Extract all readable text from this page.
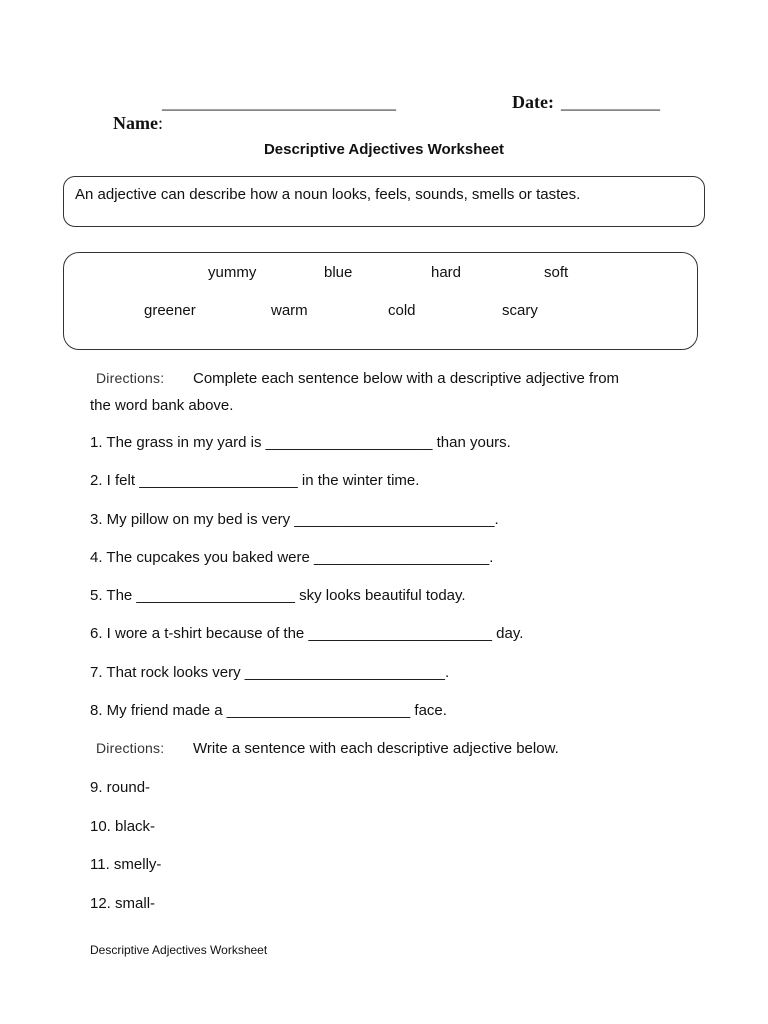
Name:

__________________________	Date: ___________
Descriptive Adjectives Worksheet
An adjective can describe how a noun looks, feels, sounds, smells or tastes.
yummy	blue	hard	soft
greener	warm	cold	scary
Directions: Complete each sentence below with a descriptive adjective from
the word bank above.
1. The grass in my yard is ____________________ than yours.
2. I felt ___________________ in the winter time.
3. My pillow on my bed is very ________________________.
4. The cupcakes you baked were _____________________.
5. The ___________________ sky looks beautiful today.
6. I wore a t-shirt because of the ______________________ day.
7. That rock looks very ________________________.
8. My friend made a ______________________ face.
Directions: Write a sentence with each descriptive adjective below.
9. round-
10. black-
11. smelly-
12. small-
Descriptive Adjectives Worksheet
